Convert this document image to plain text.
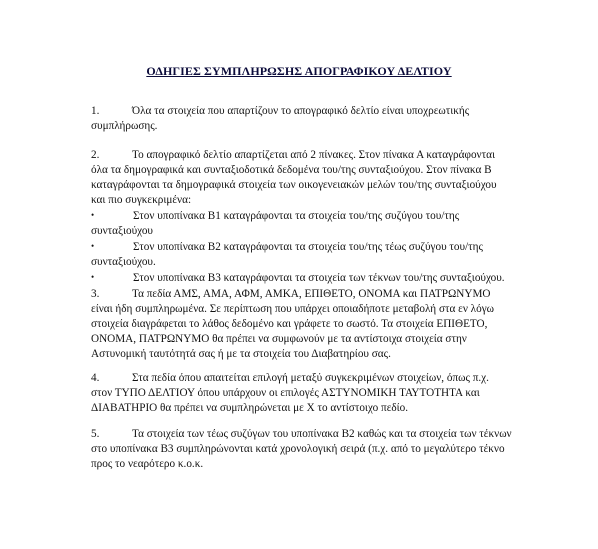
ΟΔΗΓΙΕΣ ΣΥΜΠΛΗΡΩΣΗΣ ΑΠΟΓΡΑΦΙΚΟΥ ΔΕΛΤΙΟΥ
1.	Όλα τα στοιχεία που απαρτίζουν το απογραφικό δελτίο είναι υποχρεωτικής
συμπλήρωσης.
2.	Το απογραφικό δελτίο απαρτίζεται από 2 πίνακες. Στον πίνακα Α καταγράφονται
όλα τα δημογραφικά και συνταξιοδοτικά δεδομένα του/της συνταξιούχου. Στον πίνακα Β
καταγράφονται τα δημογραφικά στοιχεία των οικογενειακών μελών του/της συνταξιούχου
και πιο συγκεκριμένα:
•	Στον υποπίνακα Β1 καταγράφονται τα στοιχεία του/της συζύγου του/της
συνταξιούχου
•	Στον υποπίνακα Β2 καταγράφονται τα στοιχεία του/της τέως συζύγου του/της
συνταξιούχου.
•	Στον υποπίνακα Β3 καταγράφονται τα στοιχεία των τέκνων του/της συνταξιούχου.
3.	Τα πεδία ΑΜΣ, ΑΜΑ, ΑΦΜ, ΑΜΚΑ, ΕΠΙΘΕΤΟ, ΟΝΟΜΑ και ΠΑΤΡΩΝΥΜΟ
είναι ήδη συμπληρωμένα. Σε περίπτωση που υπάρχει οποιαδήποτε μεταβολή στα εν λόγω
στοιχεία διαγράφεται το λάθος δεδομένο και γράφετε το σωστό. Τα στοιχεία ΕΠΙΘΕΤΟ,
ΟΝΟΜΑ, ΠΑΤΡΩΝΥΜΟ θα πρέπει να συμφωνούν με τα αντίστοιχα στοιχεία στην
Αστυνομική ταυτότητά σας ή με τα στοιχεία του Διαβατηρίου σας.
4.	Στα πεδία όπου απαιτείται επιλογή μεταξύ συγκεκριμένων στοιχείων, όπως π.χ.
στον ΤΥΠΟ ΔΕΛΤΙΟΥ όπου υπάρχουν οι επιλογές ΑΣΤΥΝΟΜΙΚΗ ΤΑΥΤΟΤΗΤΑ και
ΔΙΑΒΑΤΗΡΙΟ θα πρέπει να συμπληρώνεται με Χ το αντίστοιχο πεδίο.
5.	Τα στοιχεία των τέως συζύγων του υποπίνακα Β2 καθώς και τα στοιχεία των τέκνων
στο υποπίνακα Β3 συμπληρώνονται κατά χρονολογική σειρά (π.χ. από το μεγαλύτερο τέκνο
προς το νεαρότερο κ.ο.κ.
